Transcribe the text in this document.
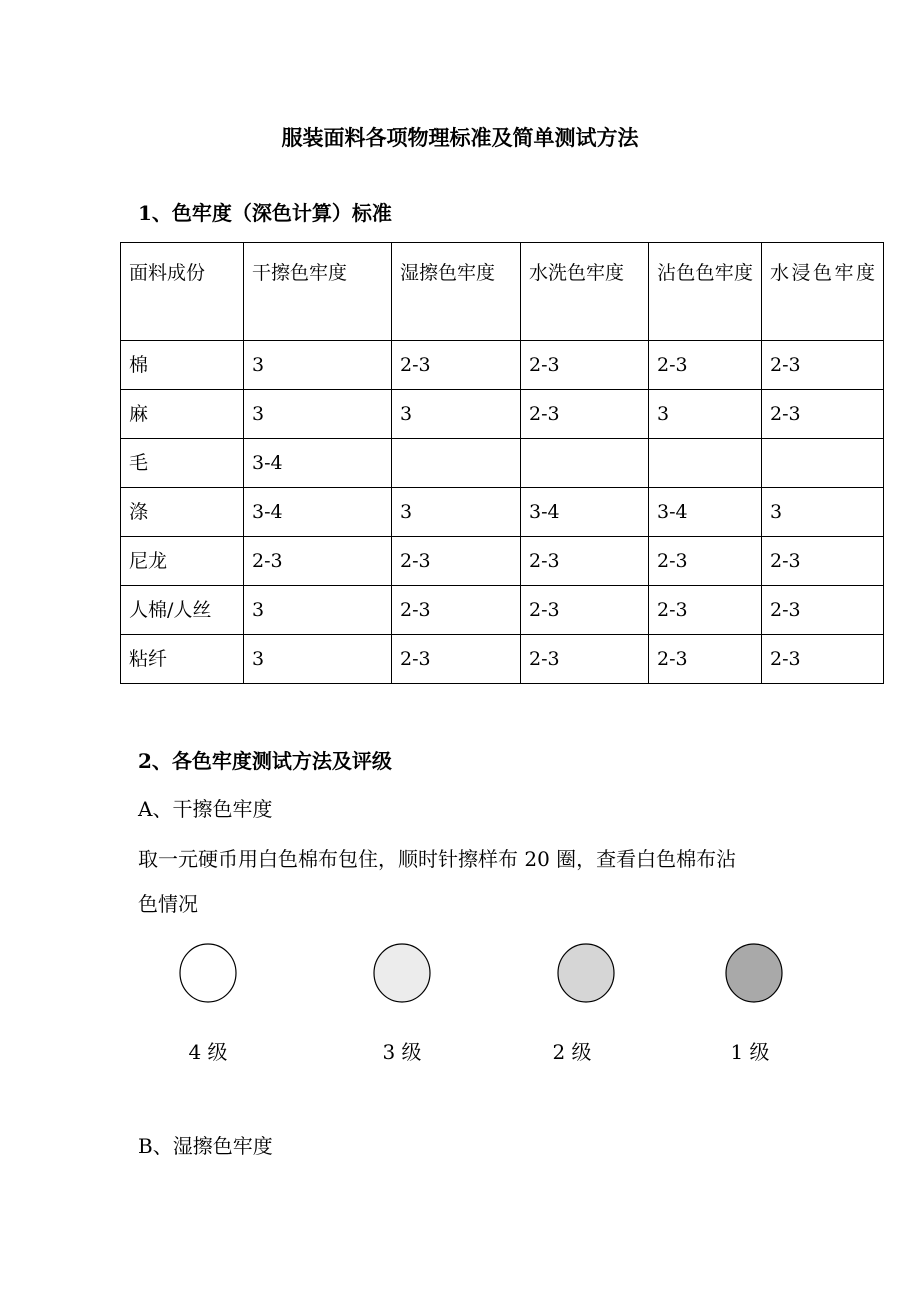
服装面料各项物理标准及简单测试方法
1、色牢度（深色计算）标准
面料成份	干擦色牢度	湿擦色牢度	水洗色牢度	沾色色牢度	水浸色牢度
棉	3	2-3	2-3	2-3	2-3
麻	3	3	2-3	3	2-3
毛	3-4				
涤	3-4	3	3-4	3-4	3
尼龙	2-3	2-3	2-3	2-3	2-3
人棉/人丝	3	2-3	2-3	2-3	2-3
粘纤	3	2-3	2-3	2-3	2-3
2、各色牢度测试方法及评级
A、干擦色牢度
取一元硬币用白色棉布包住，顺时针擦样布 20 圈，查看白色棉布沾
色情况
4 级	3 级	2 级	1 级
B、湿擦色牢度
